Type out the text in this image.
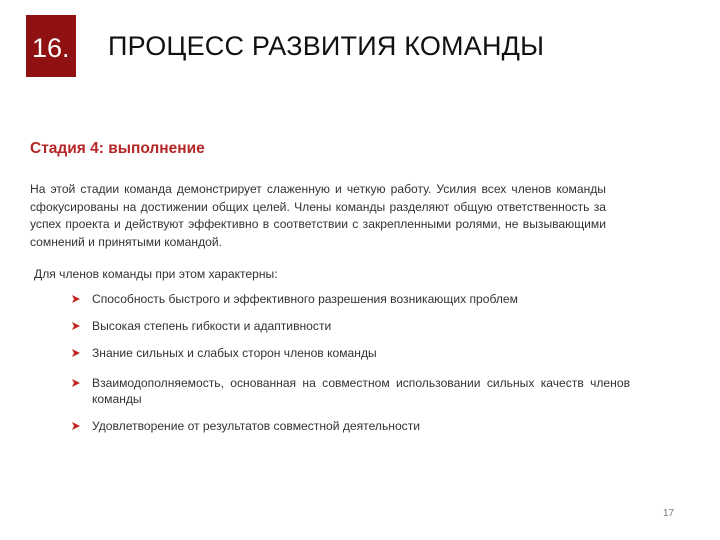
16. ПРОЦЕСС РАЗВИТИЯ КОМАНДЫ
Стадия 4: выполнение
На этой стадии команда демонстрирует слаженную и четкую работу. Усилия всех членов команды сфокусированы на достижении общих целей. Члены команды разделяют общую ответственность за успех проекта и действуют эффективно в соответствии с закрепленными ролями, не вызывающими сомнений и принятыми командой.
Для членов команды при этом характерны:
Способность быстрого и эффективного разрешения возникающих проблем
Высокая степень гибкости и адаптивности
Знание сильных и слабых сторон членов команды
Взаимодополняемость, основанная на совместном использовании сильных качеств членов команды
Удовлетворение от результатов совместной деятельности
17
